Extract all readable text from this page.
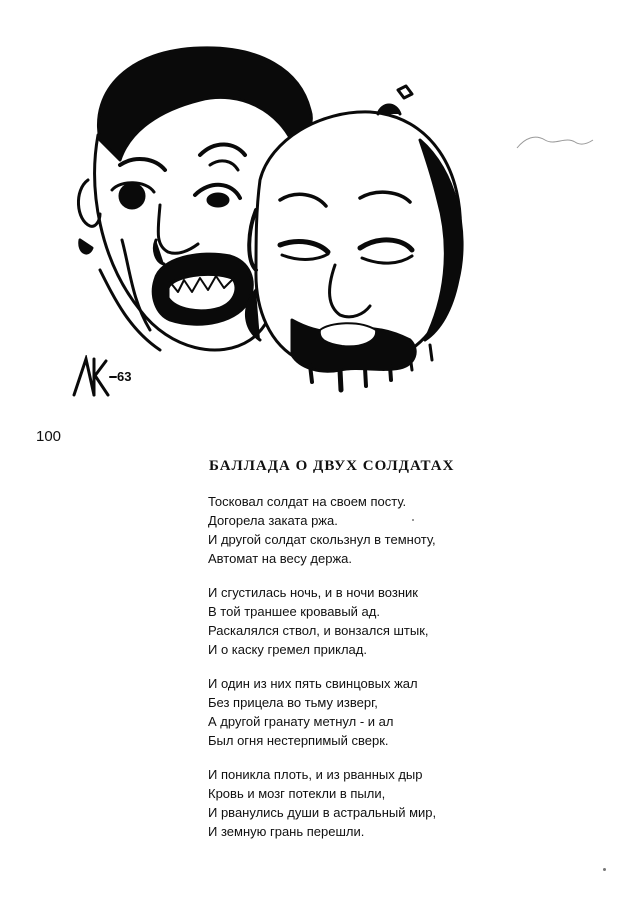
63
100
БАЛЛАДА О ДВУХ СОЛДАТАХ
Тосковал солдат на своем посту.
Догорела заката ржа.
И другой солдат скользнул в темноту,
Автомат на весу держа.
И сгустилась ночь, и в ночи возник
В той траншее кровавый ад.
Раскалялся ствол, и вонзался штык,
И о каску гремел приклад.
И один из них пять свинцовых жал
Без прицела во тьму изверг,
А другой гранату метнул - и ал
Был огня нестерпимый сверк.
И поникла плоть, и из рванных дыр
Кровь и мозг потекли в пыли,
И рванулись души в астральный мир,
И земную грань перешли.
